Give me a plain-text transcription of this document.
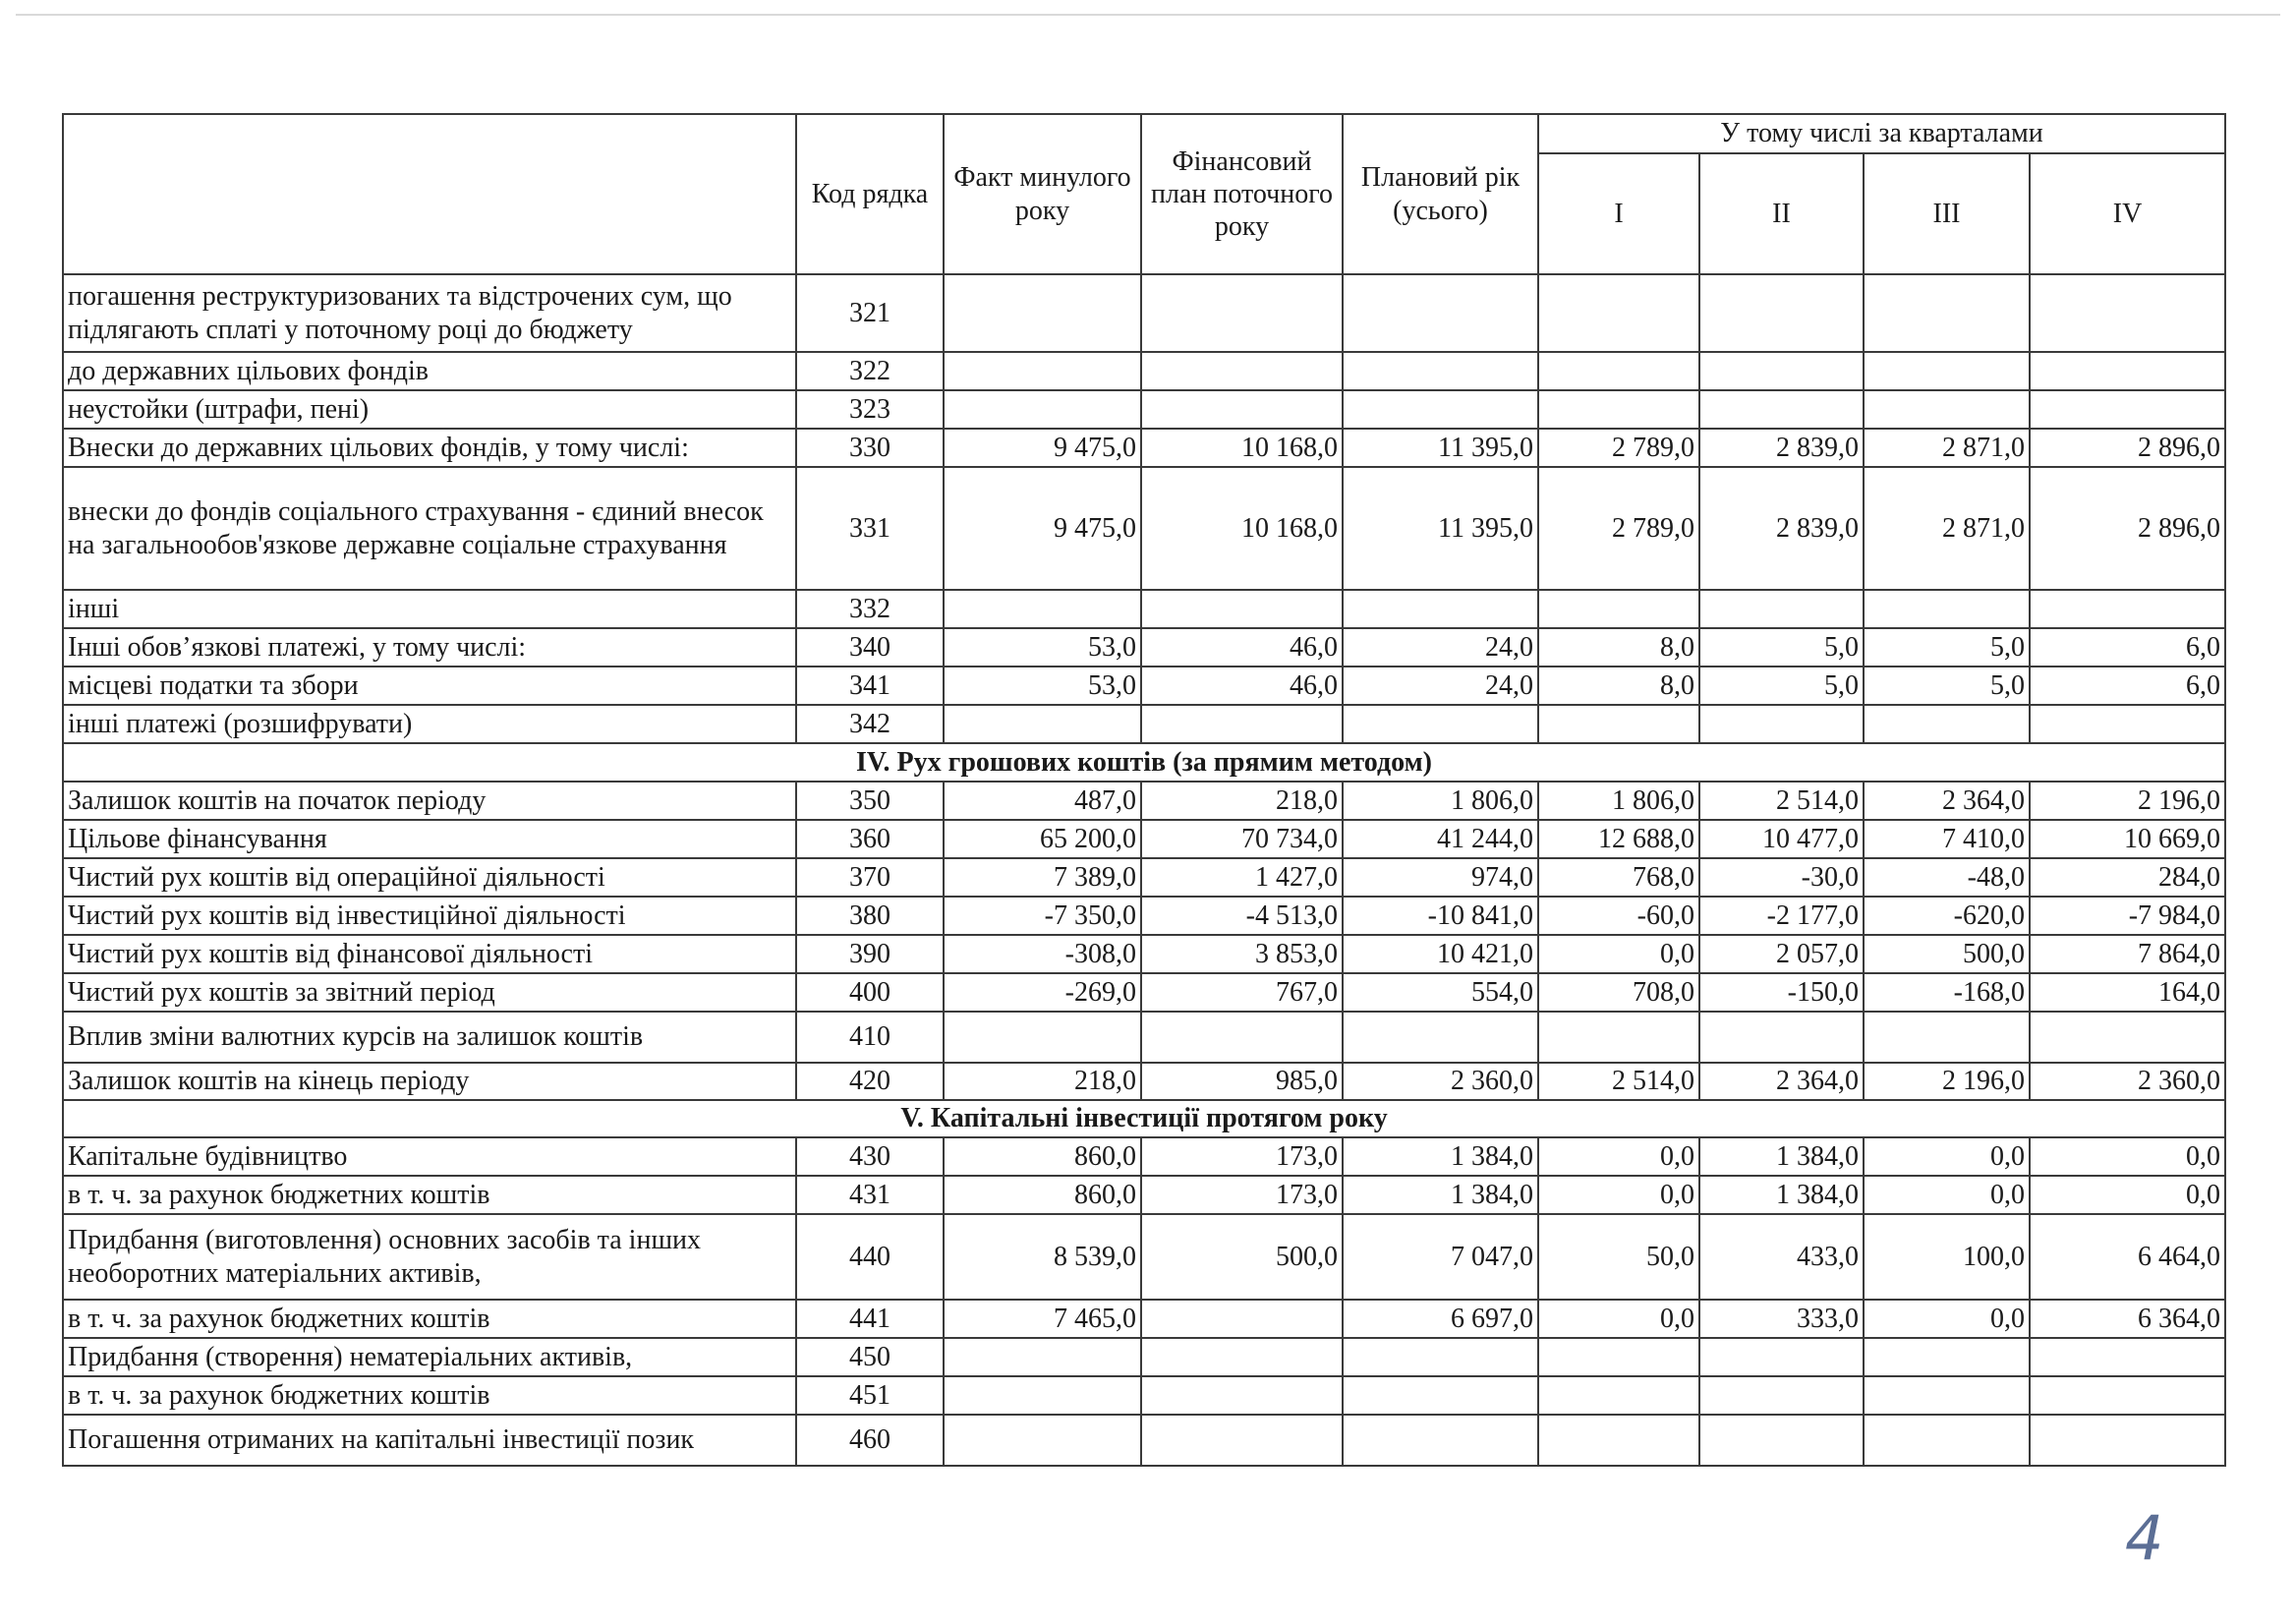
	Код рядка	Факт минулого року	Фінансовий план поточного року	Плановий рік (усього)	У тому числі за кварталами			
					I	II	III	IV
погашення реструктуризованих та відстрочених сум, що підлягають сплаті у поточному році до бюджету	321							
до державних цільових фондів	322							
неустойки (штрафи, пені)	323							
Внески до державних цільових фондів, у тому числі:	330	9 475,0	10 168,0	11 395,0	2 789,0	2 839,0	2 871,0	2 896,0
внески до фондів соціального страхування - єдиний внесок на загальнообов'язкове державне соціальне страхування	331	9 475,0	10 168,0	11 395,0	2 789,0	2 839,0	2 871,0	2 896,0
інші	332							
Інші обов’язкові платежі, у тому числі:	340	53,0	46,0	24,0	8,0	5,0	5,0	6,0
місцеві податки та збори	341	53,0	46,0	24,0	8,0	5,0	5,0	6,0
інші платежі (розшифрувати)	342							
IV. Рух грошових коштів (за прямим методом)								
Залишок коштів на початок періоду	350	487,0	218,0	1 806,0	1 806,0	2 514,0	2 364,0	2 196,0
Цільове фінансування	360	65 200,0	70 734,0	41 244,0	12 688,0	10 477,0	7 410,0	10 669,0
Чистий рух коштів від операційної діяльності	370	7 389,0	1 427,0	974,0	768,0	-30,0	-48,0	284,0
Чистий рух коштів від інвестиційної діяльності	380	-7 350,0	-4 513,0	-10 841,0	-60,0	-2 177,0	-620,0	-7 984,0
Чистий рух коштів від фінансової діяльності	390	-308,0	3 853,0	10 421,0	0,0	2 057,0	500,0	7 864,0
Чистий рух коштів за звітний період	400	-269,0	767,0	554,0	708,0	-150,0	-168,0	164,0
Вплив зміни валютних курсів на залишок коштів	410							
Залишок коштів на кінець періоду	420	218,0	985,0	2 360,0	2 514,0	2 364,0	2 196,0	2 360,0
V. Капітальні інвестиції протягом року								
Капітальне будівництво	430	860,0	173,0	1 384,0	0,0	1 384,0	0,0	0,0
в т. ч. за рахунок бюджетних коштів	431	860,0	173,0	1 384,0	0,0	1 384,0	0,0	0,0
Придбання (виготовлення) основних засобів та інших необоротних матеріальних активів,	440	8 539,0	500,0	7 047,0	50,0	433,0	100,0	6 464,0
в т. ч. за рахунок бюджетних коштів	441	7 465,0		6 697,0	0,0	333,0	0,0	6 364,0
Придбання (створення) нематеріальних активів,	450							
в т. ч. за рахунок бюджетних коштів	451							
Погашення отриманих на капітальні інвестиції позик	460							
4
